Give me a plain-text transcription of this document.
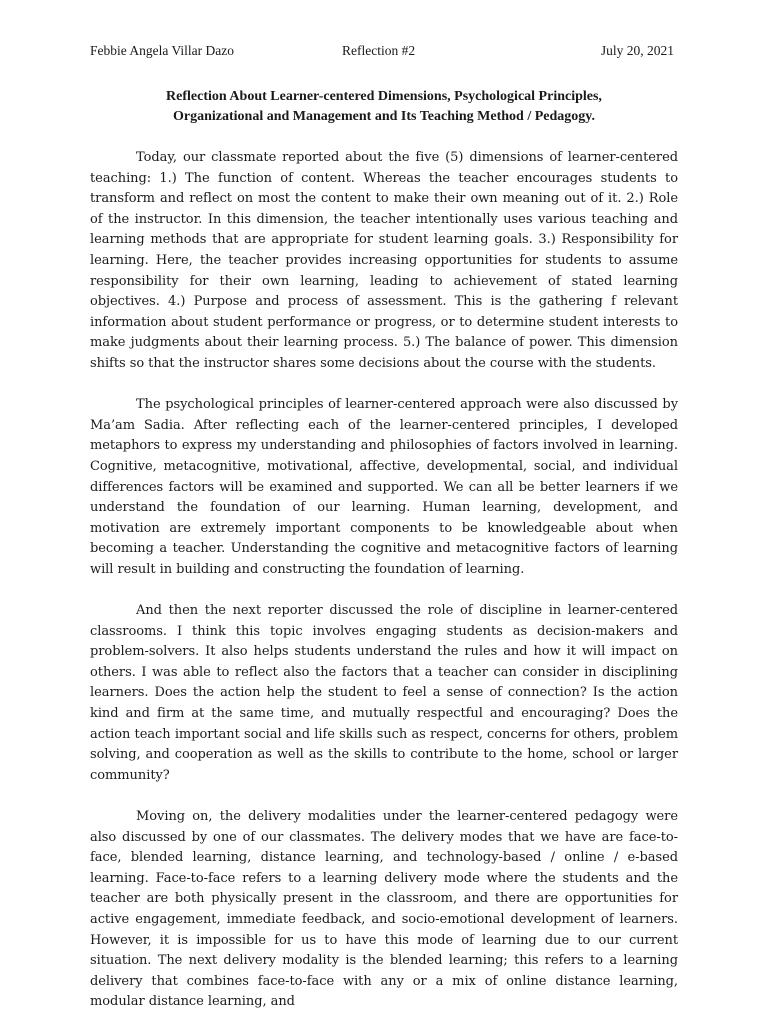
Febbie Angela Villar Dazo	Reflection #2	July 20, 2021
Reflection About Learner-centered Dimensions, Psychological Principles,
Organizational and Management and Its Teaching Method / Pedagogy.

Today, our classmate reported about the five (5) dimensions of learner-centered teaching: 1.) The function of content. Whereas the teacher encourages students to transform and reflect on most the content to make their own meaning out of it. 2.) Role of the instructor. In this dimension, the teacher intentionally uses various teaching and learning methods that are appropriate for student learning goals. 3.) Responsibility for learning. Here, the teacher provides increasing opportunities for students to assume responsibility for their own learning, leading to achievement of stated learning objectives. 4.) Purpose and process of assessment. This is the gathering f relevant information about student performance or progress, or to determine student interests to make judgments about their learning process. 5.) The balance of power. This dimension shifts so that the instructor shares some decisions about the course with the students.

The psychological principles of learner-centered approach were also discussed by Ma’am Sadia. After reflecting each of the learner-centered principles, I developed metaphors to express my understanding and philosophies of factors involved in learning. Cognitive, metacognitive, motivational, affective, developmental, social, and individual differences factors will be examined and supported. We can all be better learners if we understand the foundation of our learning. Human learning, development, and motivation are extremely important components to be knowledgeable about when becoming a teacher. Understanding the cognitive and metacognitive factors of learning will result in building and constructing the foundation of learning.

And then the next reporter discussed the role of discipline in learner-centered classrooms. I think this topic involves engaging students as decision-makers and problem-solvers. It also helps students understand the rules and how it will impact on others. I was able to reflect also the factors that a teacher can consider in disciplining learners. Does the action help the student to feel a sense of connection? Is the action kind and firm at the same time, and mutually respectful and encouraging? Does the action teach important social and life skills such as respect, concerns for others, problem solving, and cooperation as well as the skills to contribute to the home, school or larger community?

Moving on, the delivery modalities under the learner-centered pedagogy were also discussed by one of our classmates. The delivery modes that we have are face-to-face, blended learning, distance learning, and technology-based / online / e-based learning. Face-to-face refers to a learning delivery mode where the students and the teacher are both physically present in the classroom, and there are opportunities for active engagement, immediate feedback, and socio-emotional development of learners. However, it is impossible for us to have this mode of learning due to our current situation. The next delivery modality is the blended learning; this refers to a learning delivery that combines face-to-face with any or a mix of online distance learning, modular distance learning, and
